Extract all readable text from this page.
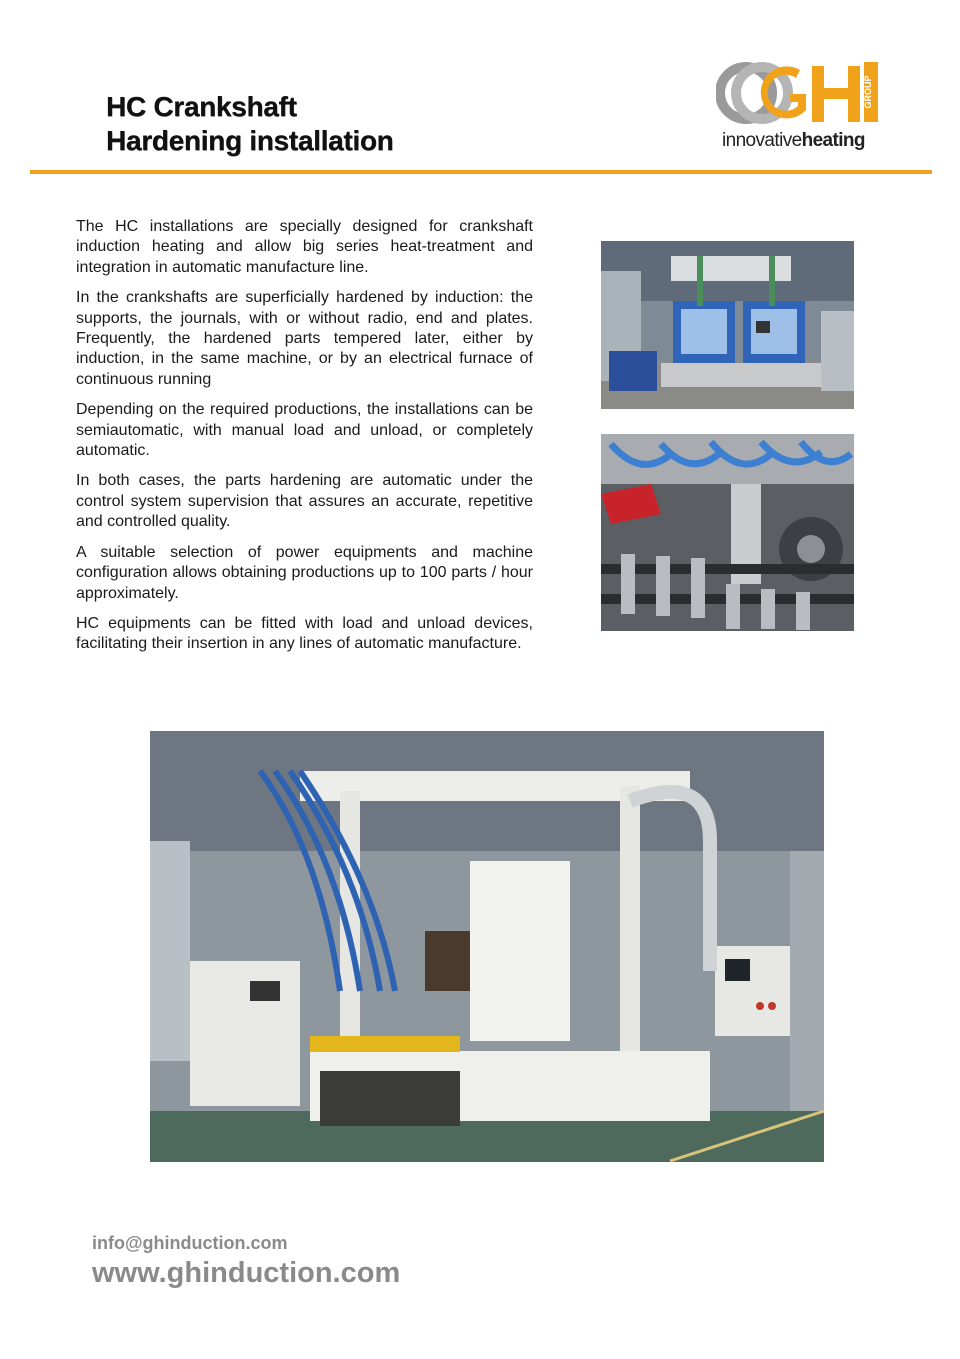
HC Crankshaft
Hardening installation
GROUP
innovativeheating

The HC installations are specially designed for crankshaft induction heating and allow big series heat-treatment and integration in automatic manufacture line.

In the crankshafts are superficially hardened by induction: the supports, the journals, with or without radio, end and plates. Frequently, the hardened parts tempered later, either by induction, in the same machine, or by an electrical furnace of continuous running

Depending on the required productions, the installations can be semiautomatic, with manual load and unload, or completely automatic.

In both cases, the parts hardening are automatic under the control system supervision that assures an accurate, repetitive and controlled quality.

A suitable selection of power equipments and machine configuration allows obtaining productions up to 100 parts / hour approximately.

HC equipments can be fitted with load and unload devices, facilitating their insertion in any lines of automatic manufacture.

info@ghinduction.com
www.ghinduction.com
